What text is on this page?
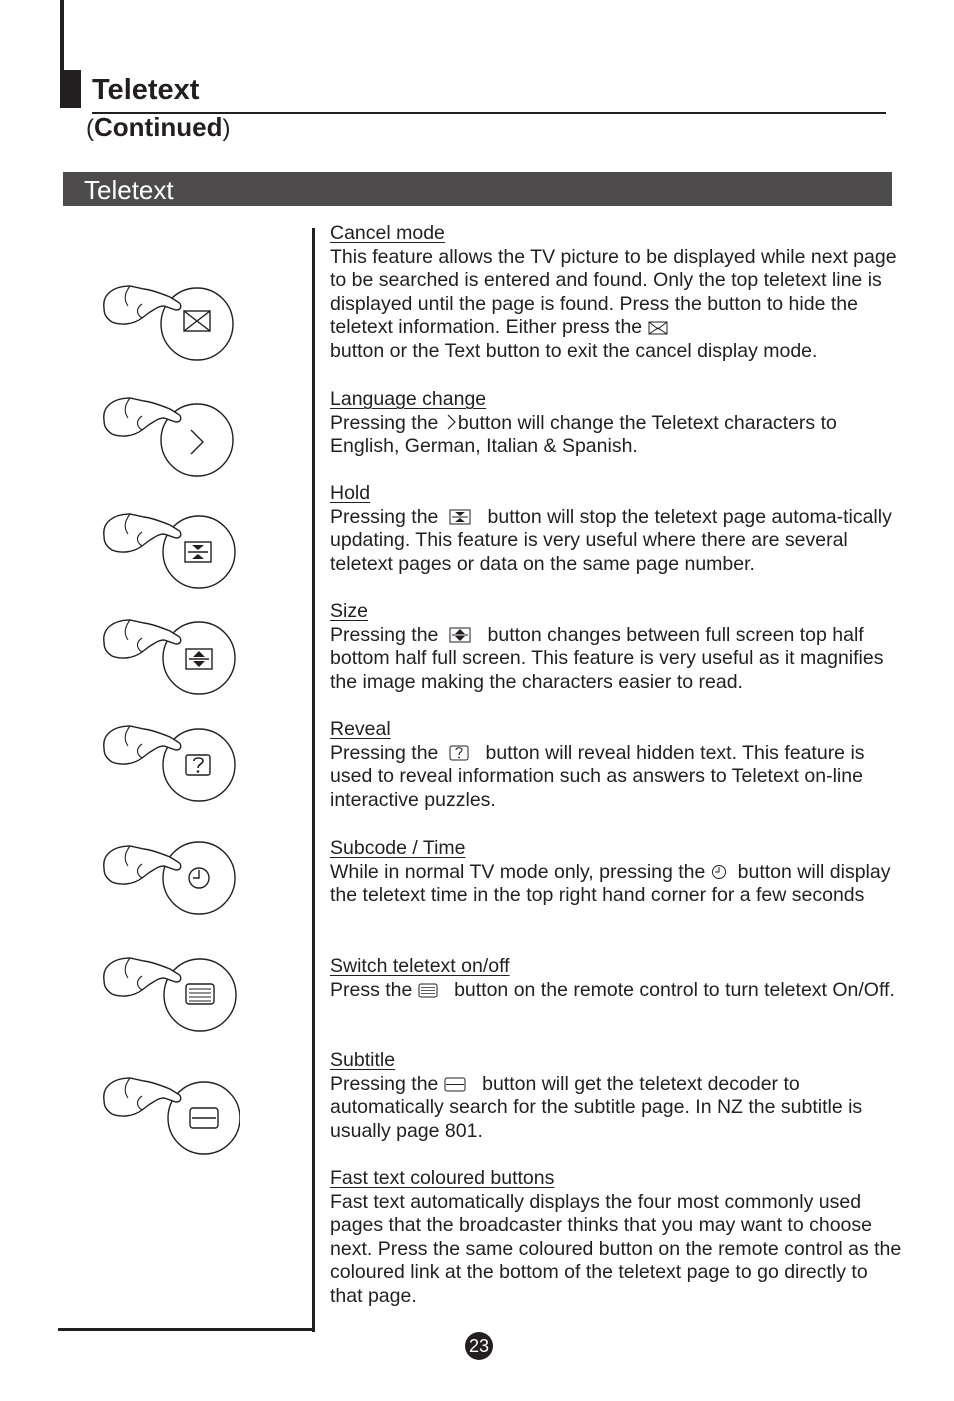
Teletext
(Continued)
Teletext
Cancel mode

This feature allows the TV picture to be displayed while next page to be searched is entered and found. Only the top teletext line is displayed until the page is found. Press the button to hide the teletext information. Either press the
button or the Text button to exit the cancel display mode.

Language change

Pressing the button will change the Teletext characters to English, German, Italian & Spanish.

Hold

Pressing the	button will stop the teletext page automa-tically updating. This feature is very useful where there are several teletext pages or data on the same page number.

Size

Pressing the	button changes between full screen top half bottom half full screen. This feature is very useful as it magnifies the image making the characters easier to read.

Reveal

Pressing the button will reveal hidden text. This feature is used to reveal information such as answers to Teletext on-line interactive puzzles.

Subcode / Time

While in normal TV mode only, pressing the button will display the teletext time in the top right hand corner for a few seconds

Switch teletext on/off

Press the button on the remote control to turn teletext On/Off.

Subtitle

Pressing the button will get the teletext decoder to automatically search for the subtitle page. In NZ the subtitle is usually page 801.

Fast text coloured buttons

Fast text automatically displays the four most commonly used pages that the broadcaster thinks that you may want to choose next. Press the same coloured button on the remote control as the coloured link at the bottom of the teletext page to go directly to that page.

23
